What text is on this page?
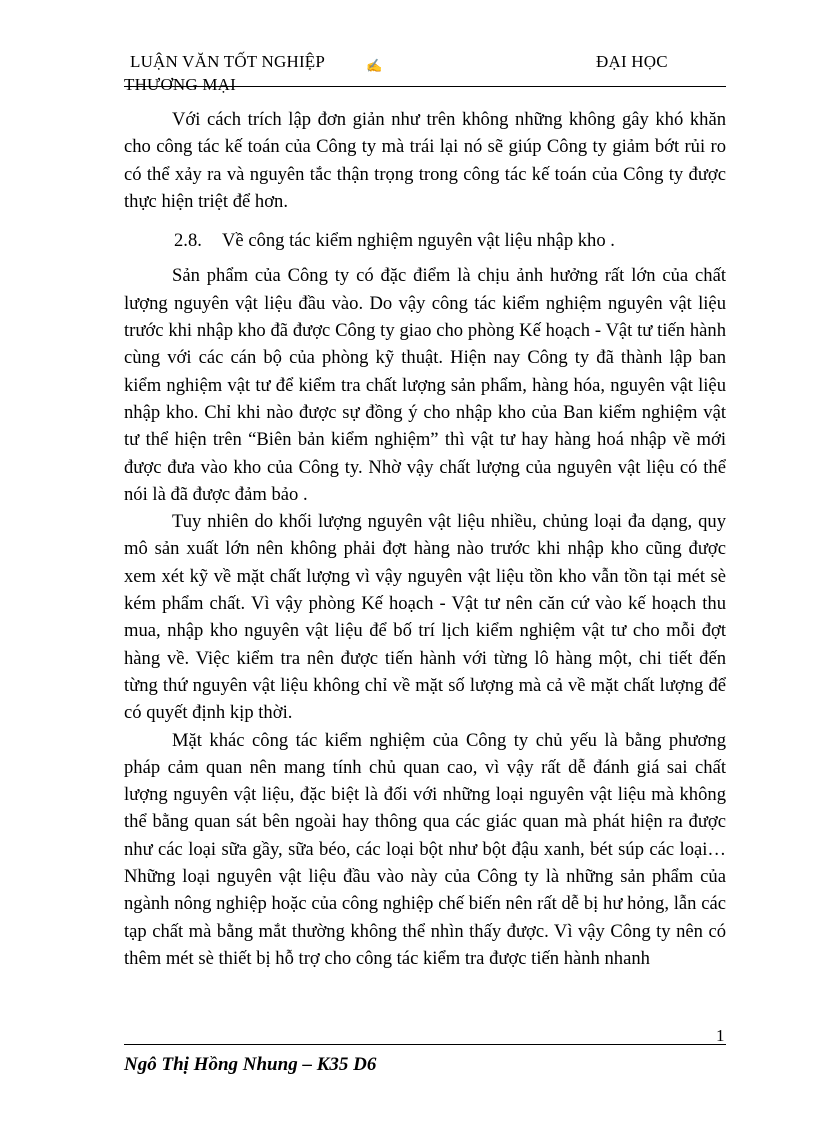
LUẬN VĂN TỐT NGHIỆP	✍	ĐẠI HỌC
THƯƠNG MẠI

Với cách trích lập đơn giản như trên không những không gây khó khăn cho công tác kế toán của Công ty mà trái lại nó sẽ giúp Công ty giảm bớt rủi ro có thể xảy ra và nguyên tắc thận trọng trong công tác kế toán của Công ty được thực hiện triệt để hơn.

2.8. Về công tác kiểm nghiệm nguyên vật liệu nhập kho .

Sản phẩm của Công ty có đặc điểm là chịu ảnh hưởng rất lớn của chất lượng nguyên vật liệu đầu vào. Do vậy công tác kiểm nghiệm nguyên vật liệu trước khi nhập kho đã được Công ty giao cho phòng Kế hoạch - Vật tư tiến hành cùng với các cán bộ của phòng kỹ thuật. Hiện nay Công ty đã thành lập ban kiểm nghiệm vật tư để kiểm tra chất lượng sản phẩm, hàng hóa, nguyên vật liệu nhập kho. Chỉ khi nào được sự đồng ý cho nhập kho của Ban kiểm nghiệm vật tư thể hiện trên “Biên bản kiểm nghiệm” thì vật tư hay hàng hoá nhập về mới được đưa vào kho của Công ty. Nhờ vậy chất lượng của nguyên vật liệu có thể nói là đã được đảm bảo .

Tuy nhiên do khối lượng nguyên vật liệu nhiều, chủng loại đa dạng, quy mô sản xuất lớn nên không phải đợt hàng nào trước khi nhập kho cũng được xem xét kỹ về mặt chất lượng vì vậy nguyên vật liệu tồn kho vẫn tồn tại mét sè kém phẩm chất. Vì vậy phòng Kế hoạch - Vật tư nên căn cứ vào kế hoạch thu mua, nhập kho nguyên vật liệu để bố trí lịch kiểm nghiệm vật tư cho mỗi đợt hàng về. Việc kiểm tra nên được tiến hành với từng lô hàng một, chi tiết đến từng thứ nguyên vật liệu không chỉ về mặt số lượng mà cả về mặt chất lượng để có quyết định kịp thời.

Mặt khác công tác kiểm nghiệm của Công ty chủ yếu là bằng phương pháp cảm quan nên mang tính chủ quan cao, vì vậy rất dễ đánh giá sai chất lượng nguyên vật liệu, đặc biệt là đối với những loại nguyên vật liệu mà không thể bằng quan sát bên ngoài hay thông qua các giác quan mà phát hiện ra được như các loại sữa gầy, sữa béo, các loại bột như bột đậu xanh, bét súp các loại…Những loại nguyên vật liệu đầu vào này của Công ty là những sản phẩm của ngành nông nghiệp hoặc của công nghiệp chế biến nên rất dễ bị hư hỏng, lẫn các tạp chất mà bằng mắt thường không thể nhìn thấy được. Vì vậy Công ty nên có thêm mét sè thiết bị hỗ trợ cho công tác kiểm tra được tiến hành nhanh

1
Ngô Thị Hồng Nhung – K35 D6
